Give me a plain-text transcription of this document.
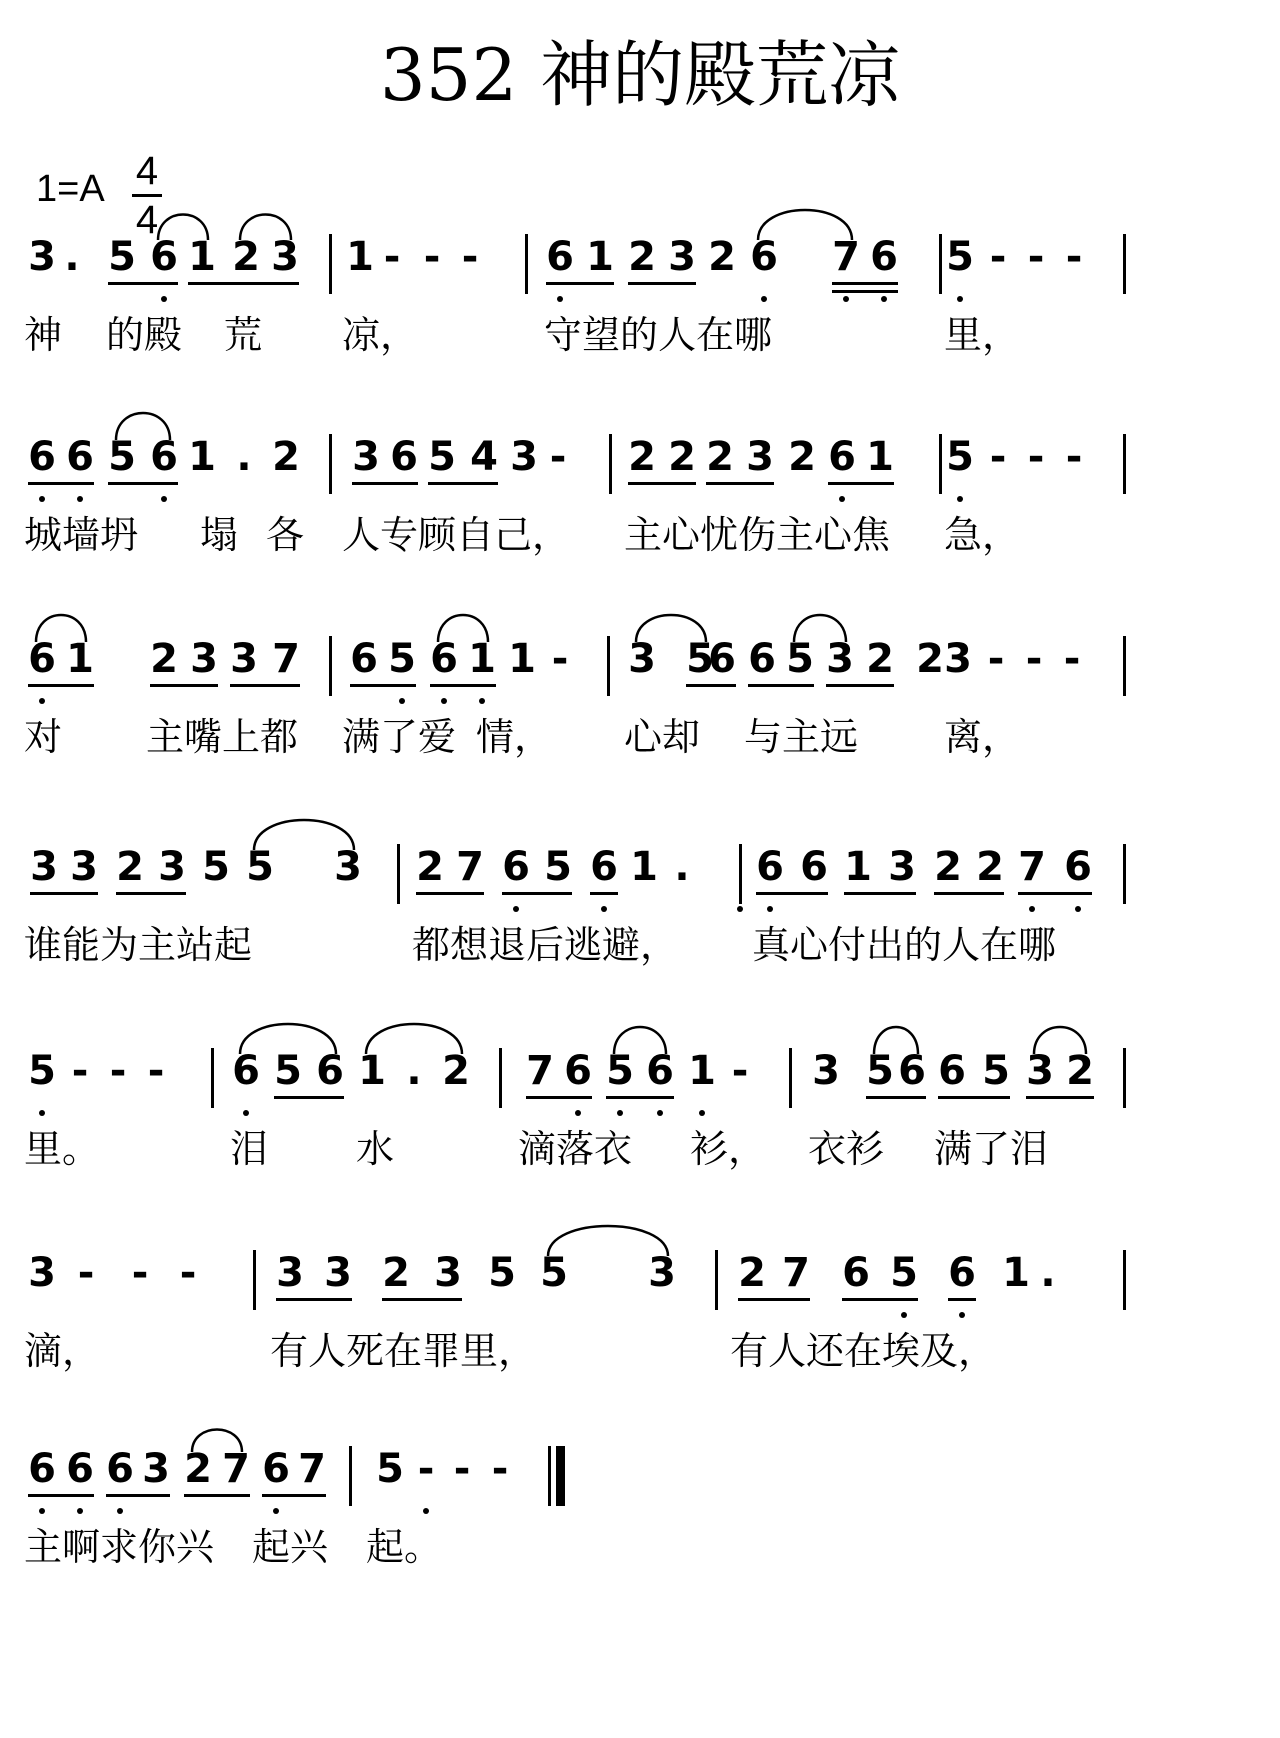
352 神的殿荒凉
1=A 4
4
3 . 5 6 1 2 3 1 - - - 6 1 2 3 2 6 7 6 5 - - -
神 的殿 荒 凉，	守望的人在哪	里，
6 6 5 6 1 . 2 3 6 5 4 3 - 2 2 2 3 2 6 1 5 - - -
城墙坍 塌 各 人专顾自己， 主心忧伤主心焦 急，
6 1 2 3 3 7 6 5 6 1 1 - 3 5
6 6 5 3 2 2 3 - - -
对 主嘴上都 满了爱 情， 心却 与主远 离，
3 3 2 3 5 5 3 2 7 6 5 6 1 . 6 6 1 3 2 2 7 6
谁能为主站起	都想退后逃避， 真心付出的人在哪
5 - - - 6 5 6 1 . 2 7 6 5 6 1 - 3 5 6 6 5 3 2
里。	泪 水	滴落衣 衫， 衣衫 满了泪
3 - - - 3 3 2 3 5 5 3 2 7 6 5 6 1 .
滴，	有人死在罪里，	有人还在埃及，
6 6 6 3 2 7 6 7 5 - - -
主啊求你兴 起兴 起。
